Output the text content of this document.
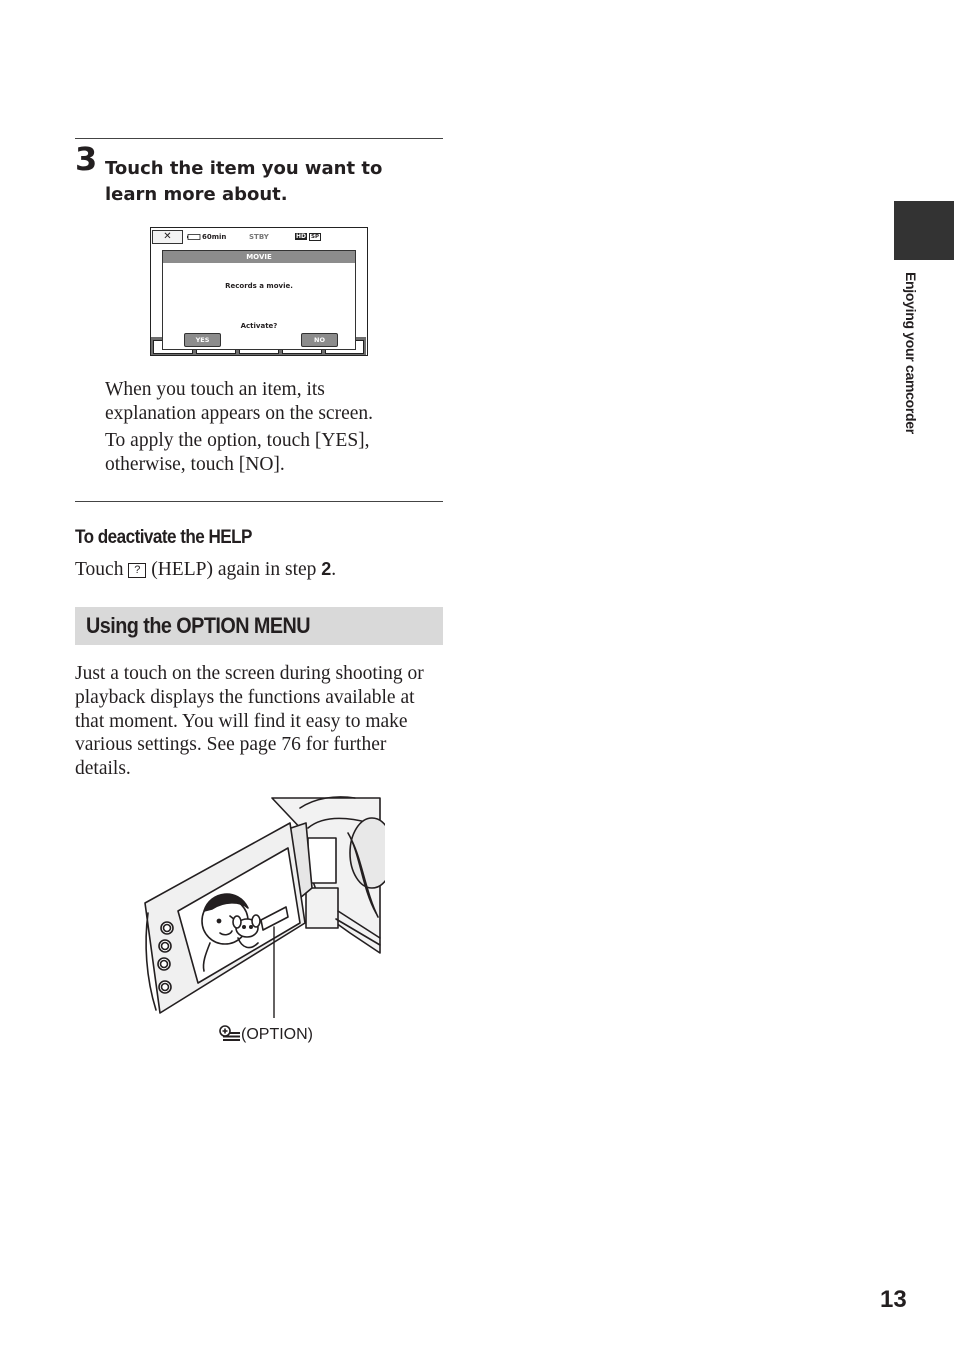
3 Touch the item you want to learn more about.
✕	60min	STBY	HD SP
MOVIE
Records a movie.
Activate?
YES	NO
When you touch an item, its explanation appears on the screen.
To apply the option, touch [YES], otherwise, touch [NO].
To deactivate the HELP
Touch ? (HELP) again in step 2.
Using the OPTION MENU
Just a touch on the screen during shooting or playback displays the functions available at that moment. You will find it easy to make various settings. See page 76 for further details.
(OPTION)
Enjoying your camcorder
13
